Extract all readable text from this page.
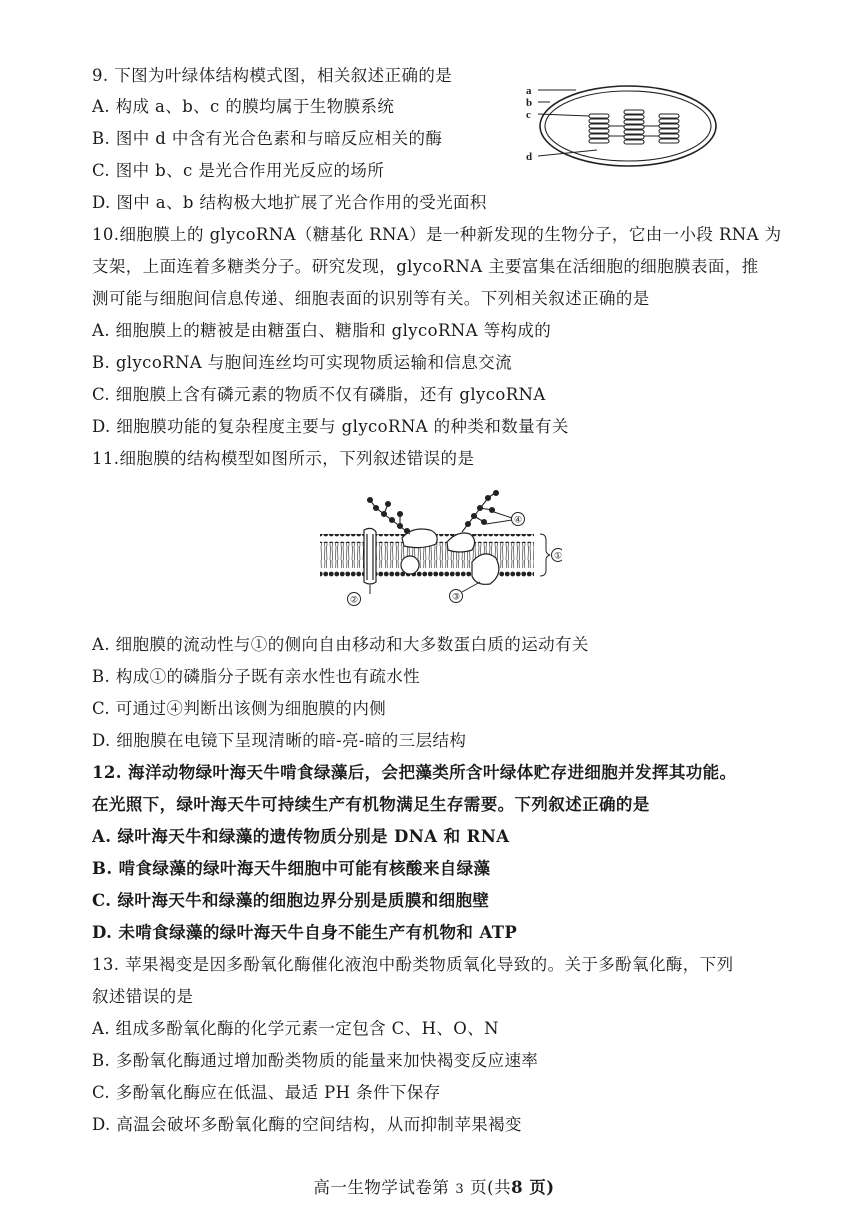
9. 下图为叶绿体结构模式图，相关叙述正确的是
A. 构成 a、b、c 的膜均属于生物膜系统
B. 图中 d 中含有光合色素和与暗反应相关的酶
C. 图中 b、c 是光合作用光反应的场所
D. 图中 a、b 结构极大地扩展了光合作用的受光面积
a
b
c
d
10.细胞膜上的 glycoRNA（糖基化 RNA）是一种新发现的生物分子，它由一小段 RNA 为
支架，上面连着多糖类分子。研究发现，glycoRNA 主要富集在活细胞的细胞膜表面，推
测可能与细胞间信息传递、细胞表面的识别等有关。下列相关叙述正确的是
A. 细胞膜上的糖被是由糖蛋白、糖脂和 glycoRNA 等构成的
B. glycoRNA 与胞间连丝均可实现物质运输和信息交流
C. 细胞膜上含有磷元素的物质不仅有磷脂，还有 glycoRNA
D. 细胞膜功能的复杂程度主要与 glycoRNA 的种类和数量有关
11.细胞膜的结构模型如图所示，下列叙述错误的是
④
①
②	③
A. 细胞膜的流动性与①的侧向自由移动和大多数蛋白质的运动有关
B. 构成①的磷脂分子既有亲水性也有疏水性
C. 可通过④判断出该侧为细胞膜的内侧
D. 细胞膜在电镜下呈现清晰的暗-亮-暗的三层结构
12. 海洋动物绿叶海天牛啃食绿藻后，会把藻类所含叶绿体贮存进细胞并发挥其功能。
在光照下，绿叶海天牛可持续生产有机物满足生存需要。下列叙述正确的是
A. 绿叶海天牛和绿藻的遗传物质分别是 DNA 和 RNA
B. 啃食绿藻的绿叶海天牛细胞中可能有核酸来自绿藻
C. 绿叶海天牛和绿藻的细胞边界分别是质膜和细胞壁
D. 未啃食绿藻的绿叶海天牛自身不能生产有机物和 ATP
13. 苹果褐变是因多酚氧化酶催化液泡中酚类物质氧化导致的。关于多酚氧化酶，下列
叙述错误的是
A. 组成多酚氧化酶的化学元素一定包含 C、H、O、N
B. 多酚氧化酶通过增加酚类物质的能量来加快褐变反应速率
C. 多酚氧化酶应在低温、最适 PH 条件下保存
D. 高温会破坏多酚氧化酶的空间结构，从而抑制苹果褐变
高一生物学试卷第 3 页(共8 页)
